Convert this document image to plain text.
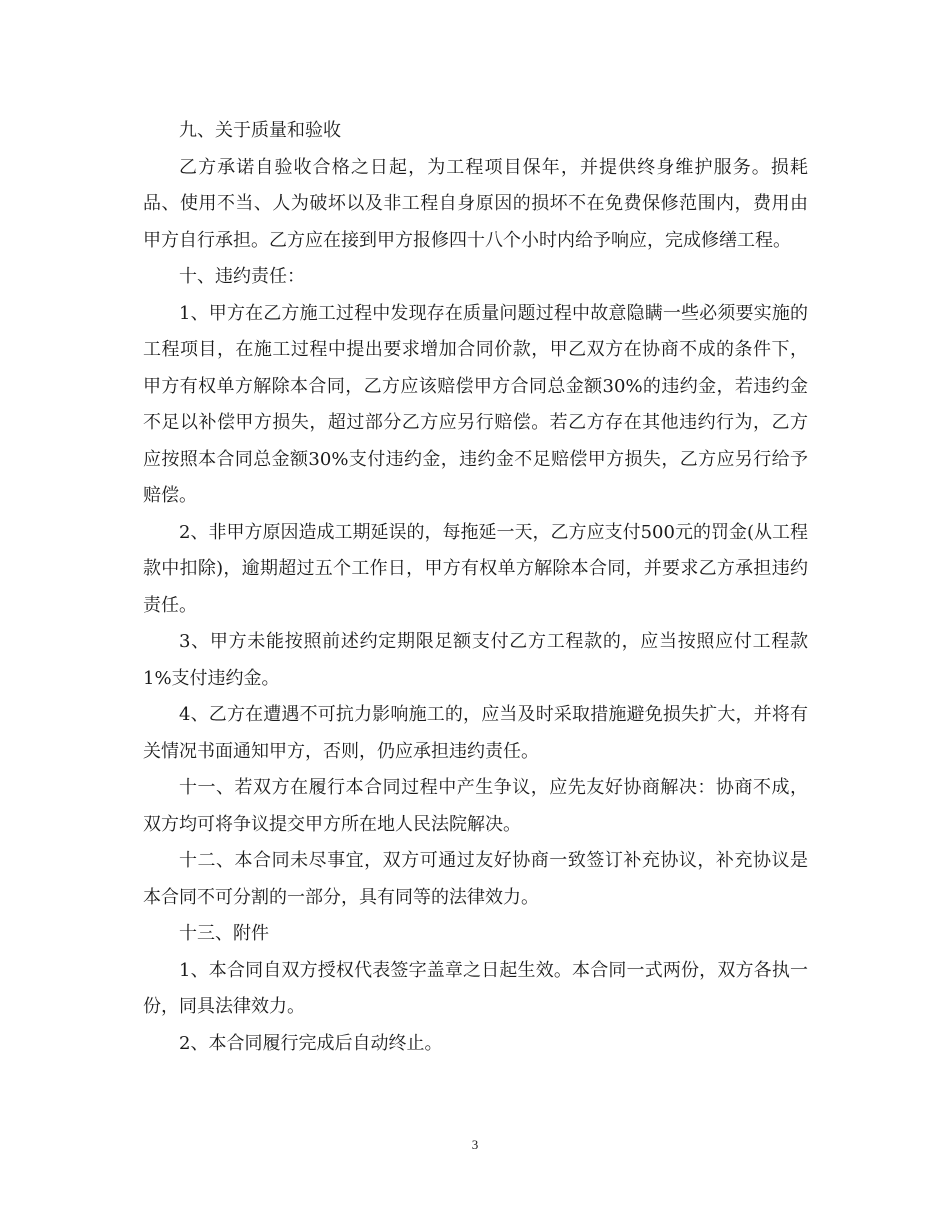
九、关于质量和验收

乙方承诺自验收合格之日起，为工程项目保年，并提供终身维护服务。损耗品、使用不当、人为破坏以及非工程自身原因的损坏不在免费保修范围内，费用由甲方自行承担。乙方应在接到甲方报修四十八个小时内给予响应，完成修缮工程。

十、违约责任：

1、甲方在乙方施工过程中发现存在质量问题过程中故意隐瞒一些必须要实施的工程项目，在施工过程中提出要求增加合同价款，甲乙双方在协商不成的条件下，甲方有权单方解除本合同，乙方应该赔偿甲方合同总金额30%的违约金，若违约金不足以补偿甲方损失，超过部分乙方应另行赔偿。若乙方存在其他违约行为，乙方应按照本合同总金额30%支付违约金，违约金不足赔偿甲方损失，乙方应另行给予赔偿。

2、非甲方原因造成工期延误的，每拖延一天，乙方应支付500元的罚金(从工程款中扣除)，逾期超过五个工作日，甲方有权单方解除本合同，并要求乙方承担违约责任。

3、甲方未能按照前述约定期限足额支付乙方工程款的，应当按照应付工程款1%支付违约金。

4、乙方在遭遇不可抗力影响施工的，应当及时采取措施避免损失扩大，并将有关情况书面通知甲方，否则，仍应承担违约责任。

十一、若双方在履行本合同过程中产生争议，应先友好协商解决：协商不成，双方均可将争议提交甲方所在地人民法院解决。

十二、本合同未尽事宜，双方可通过友好协商一致签订补充协议，补充协议是本合同不可分割的一部分，具有同等的法律效力。

十三、附件

1、本合同自双方授权代表签字盖章之日起生效。本合同一式两份，双方各执一份，同具法律效力。

2、本合同履行完成后自动终止。

3
